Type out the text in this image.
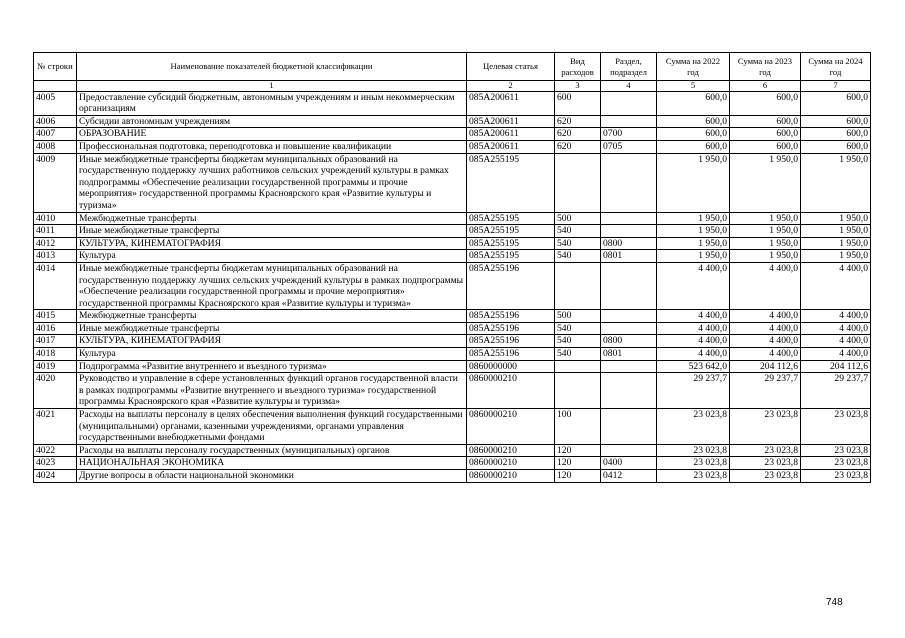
№ строки	Наименование показателей бюджетной классификации	Целевая статья	Вид расходов	Раздел, подраздел	Сумма на 2022 год	Сумма на 2023 год	Сумма на 2024 год
	1	2	3	4	5	6	7
4005	Предоставление субсидий бюджетным, автономным учреждениям и иным некоммерческим организациям	085А200611	600		600,0	600,0	600,0
4006	Субсидии автономным учреждениям	085А200611	620		600,0	600,0	600,0
4007	ОБРАЗОВАНИЕ	085А200611	620	0700	600,0	600,0	600,0
4008	Профессиональная подготовка, переподготовка и повышение квалификации	085А200611	620	0705	600,0	600,0	600,0
4009	Иные межбюджетные трансферты бюджетам муниципальных образований на государственную поддержку лучших работников сельских учреждений культуры в рамках подпрограммы «Обеспечение реализации государственной программы и прочие мероприятия» государственной программы Красноярского края «Развитие культуры и туризма»	085А255195			1 950,0	1 950,0	1 950,0
4010	Межбюджетные трансферты	085А255195	500		1 950,0	1 950,0	1 950,0
4011	Иные межбюджетные трансферты	085А255195	540		1 950,0	1 950,0	1 950,0
4012	КУЛЬТУРА, КИНЕМАТОГРАФИЯ	085А255195	540	0800	1 950,0	1 950,0	1 950,0
4013	Культура	085А255195	540	0801	1 950,0	1 950,0	1 950,0
4014	Иные межбюджетные трансферты бюджетам муниципальных образований на государственную поддержку лучших сельских учреждений культуры в рамках подпрограммы «Обеспечение реализации государственной программы и прочие мероприятия» государственной программы Красноярского края «Развитие культуры и туризма»	085А255196			4 400,0	4 400,0	4 400,0
4015	Межбюджетные трансферты	085А255196	500		4 400,0	4 400,0	4 400,0
4016	Иные межбюджетные трансферты	085А255196	540		4 400,0	4 400,0	4 400,0
4017	КУЛЬТУРА, КИНЕМАТОГРАФИЯ	085А255196	540	0800	4 400,0	4 400,0	4 400,0
4018	Культура	085А255196	540	0801	4 400,0	4 400,0	4 400,0
4019	Подпрограмма «Развитие внутреннего и въездного туризма»	0860000000			523 642,0	204 112,6	204 112,6
4020	Руководство и управление в сфере установленных функций органов государственной власти в рамках подпрограммы «Развитие внутреннего и въездного туризма» государственной программы Красноярского края «Развитие культуры и туризма»	0860000210			29 237,7	29 237,7	29 237,7
4021	Расходы на выплаты персоналу в целях обеспечения выполнения функций государственными (муниципальными) органами, казенными учреждениями, органами управления государственными внебюджетными фондами	0860000210	100		23 023,8	23 023,8	23 023,8
4022	Расходы на выплаты персоналу государственных (муниципальных) органов	0860000210	120		23 023,8	23 023,8	23 023,8
4023	НАЦИОНАЛЬНАЯ ЭКОНОМИКА	0860000210	120	0400	23 023,8	23 023,8	23 023,8
4024	Другие вопросы в области национальной экономики	0860000210	120	0412	23 023,8	23 023,8	23 023,8
748
